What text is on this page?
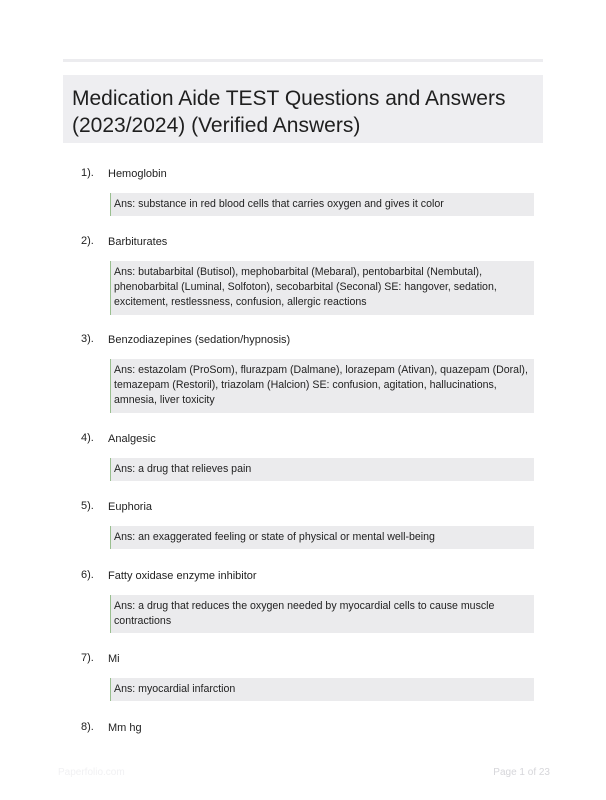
Medication Aide TEST Questions and Answers (2023/2024) (Verified Answers)
1). Hemoglobin
Ans: substance in red blood cells that carries oxygen and gives it color
2). Barbiturates
Ans: butabarbital (Butisol), mephobarbital (Mebaral), pentobarbital (Nembutal), phenobarbital (Luminal, Solfoton), secobarbital (Seconal) SE: hangover, sedation, excitement, restlessness, confusion, allergic reactions
3). Benzodiazepines (sedation/hypnosis)
Ans: estazolam (ProSom), flurazpam (Dalmane), lorazepam (Ativan), quazepam (Doral), temazepam (Restoril), triazolam (Halcion) SE: confusion, agitation, hallucinations, amnesia, liver toxicity
4). Analgesic
Ans: a drug that relieves pain
5). Euphoria
Ans: an exaggerated feeling or state of physical or mental well-being
6). Fatty oxidase enzyme inhibitor
Ans: a drug that reduces the oxygen needed by myocardial cells to cause muscle contractions
7). Mi
Ans: myocardial infarction
8). Mm hg
Paperfolio.com	Page 1 of 23
